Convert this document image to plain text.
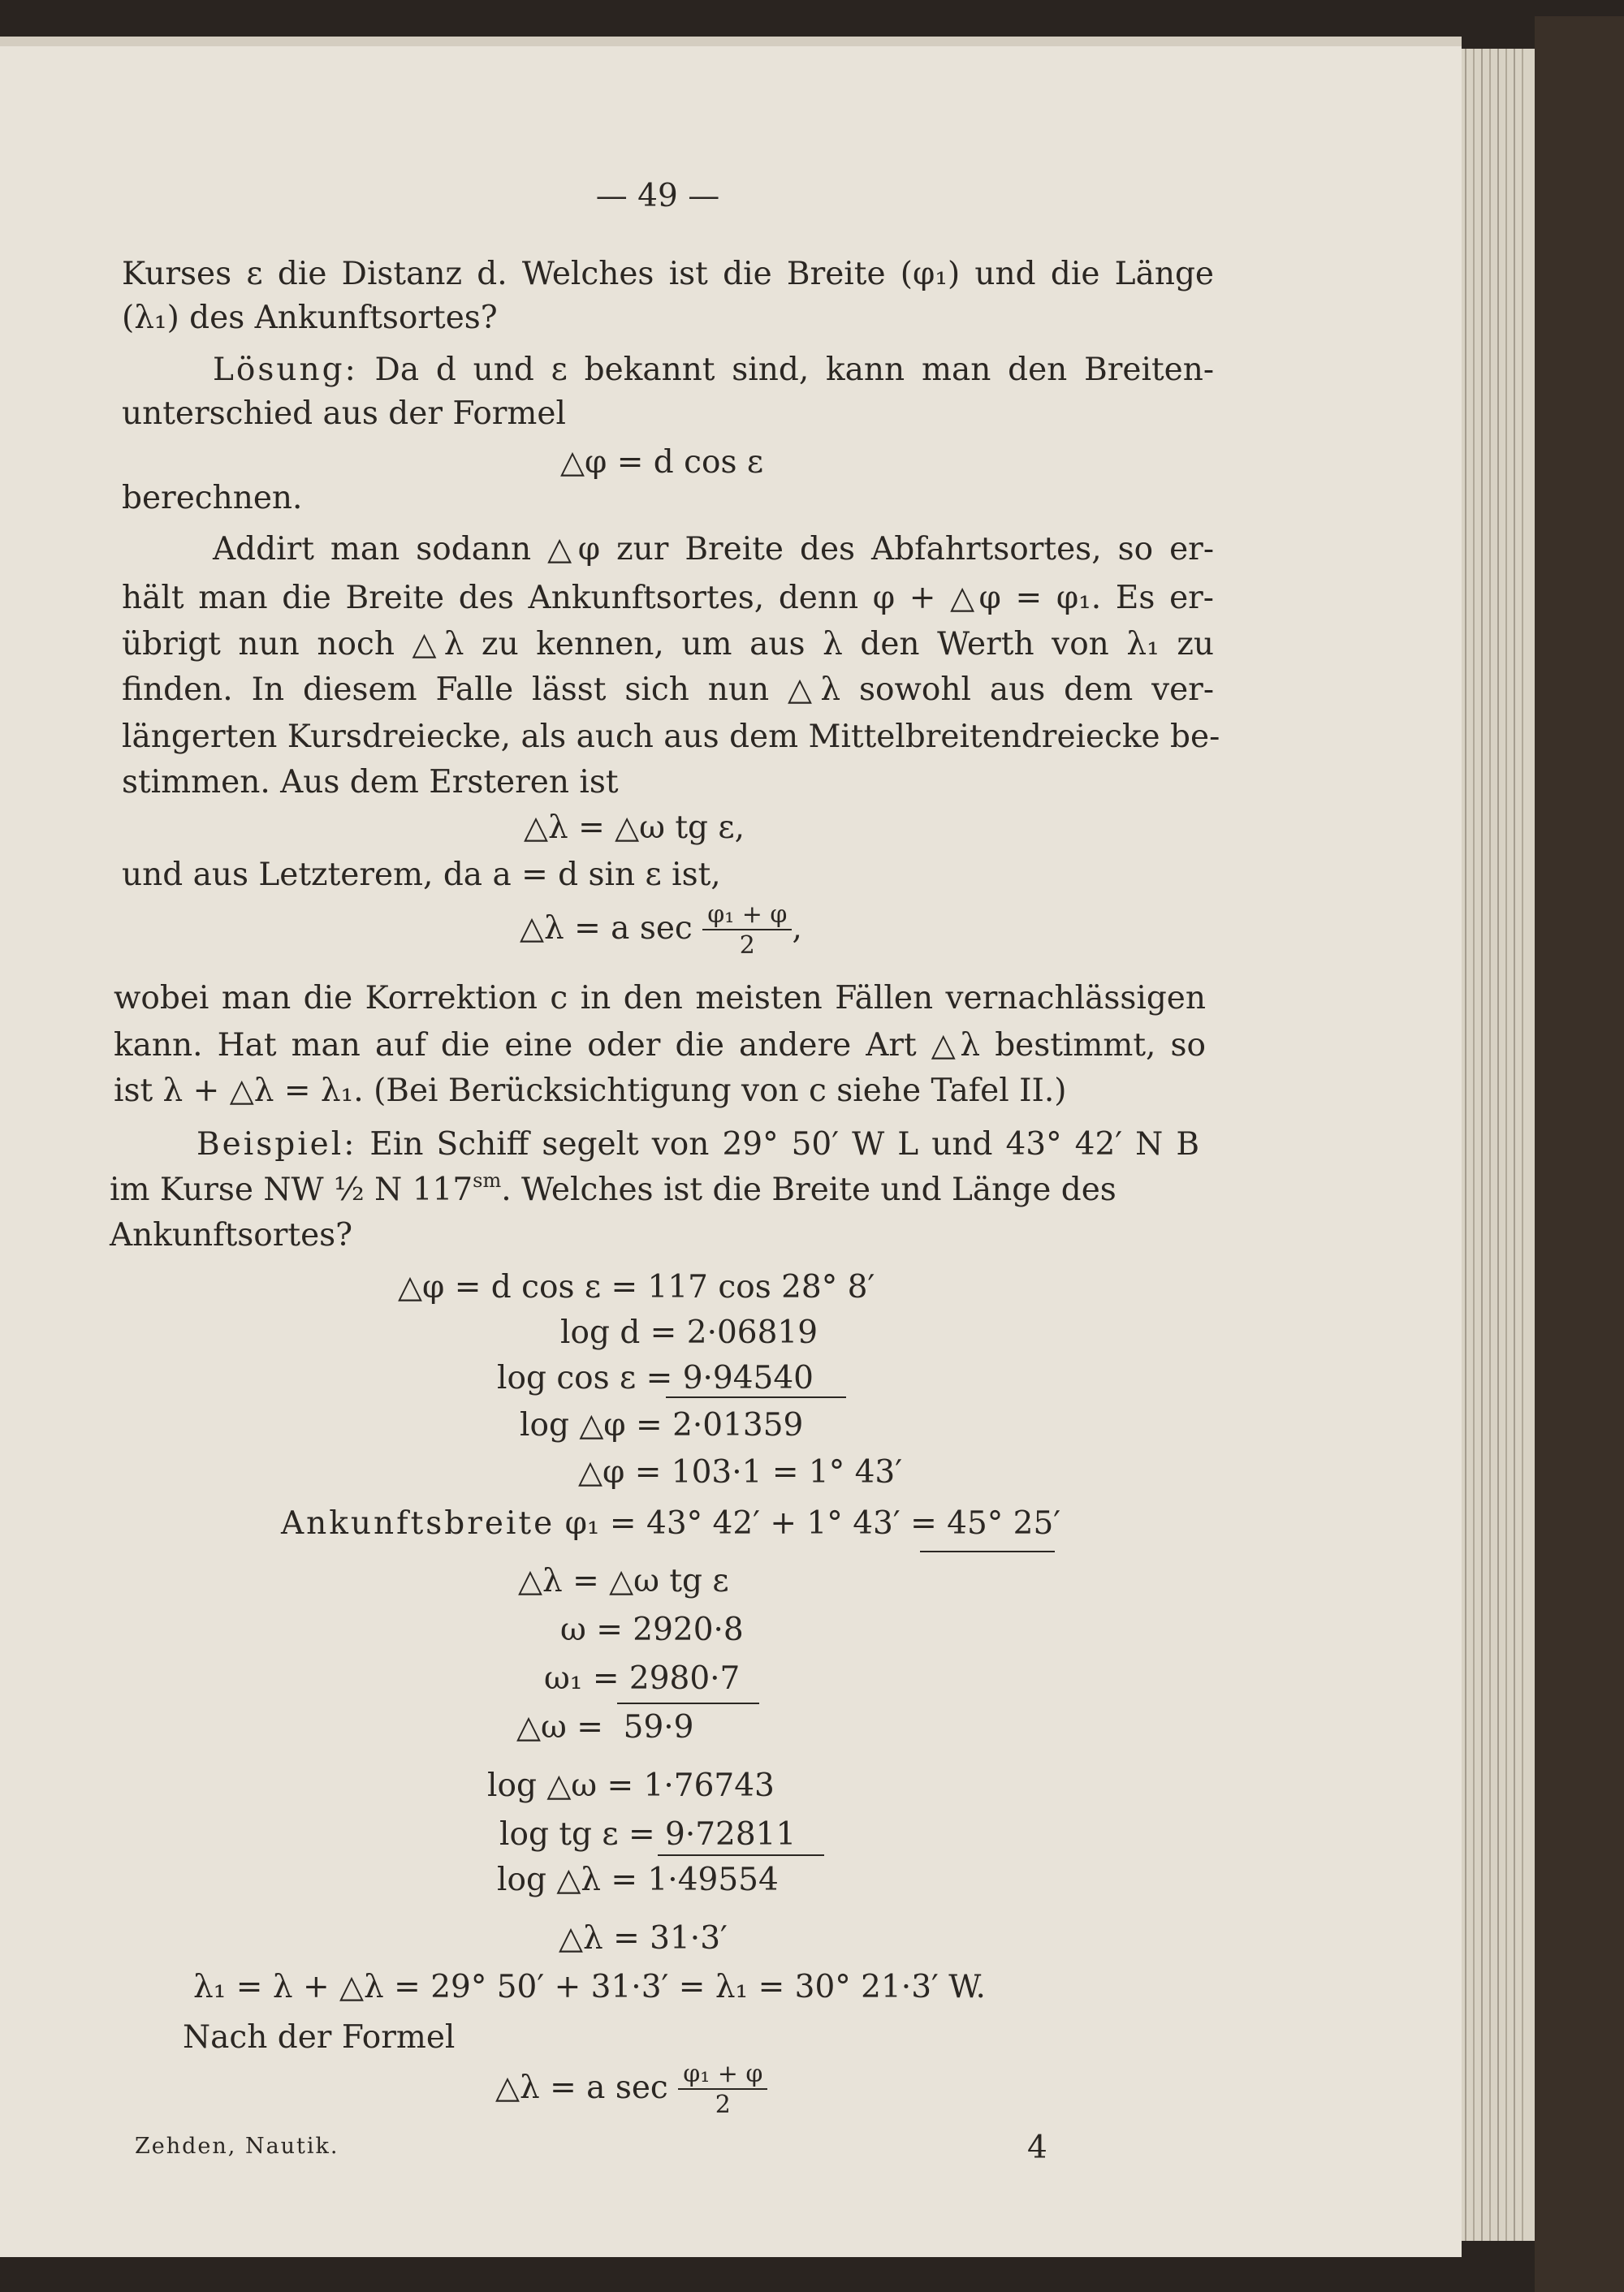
— 49 —
Kurses ε die Distanz d. Welches ist die Breite (φ₁) und die Länge
(λ₁) des Ankunftsortes?
Lösung: Da d und ε bekannt sind, kann man den Breiten-
unterschied aus der Formel
△φ = d cos ε
berechnen.
Addirt man sodann △φ zur Breite des Abfahrtsortes, so er-
hält man die Breite des Ankunftsortes, denn φ + △φ = φ₁. Es er-
übrigt nun noch △λ zu kennen, um aus λ den Werth von λ₁ zu
finden. In diesem Falle lässt sich nun △λ sowohl aus dem ver-
längerten Kursdreiecke, als auch aus dem Mittelbreitendreiecke be-
stimmen. Aus dem Ersteren ist
△λ = △ω tg ε,
und aus Letzterem, da a = d sin ε ist,
△λ = a $\sec \frac{\text{φ₁ + φ}}{2}$ ,
wobei man die Korrektion c in den meisten Fällen vernachlässigen
kann. Hat man auf die eine oder die andere Art △λ bestimmt, so
ist λ + △λ = λ₁. (Bei Berücksichtigung von c siehe Tafel II.)
Beispiel: Ein Schiff segelt von 29° 50′ W L und 43° 42′ N B
im Kurse NW ½ N $117^{sm}$. Welches ist die Breite und Länge des
Ankunftsortes?
△φ = d cos ε = 117 cos 28° 8′
log d = 2·06819
log cos ε = 9·94540
log △φ = 2·01359
△φ = 103·1 = 1° 43′
Ankunftsbreite φ₁ = 43° 42′ + 1° 43′ = 45° 25′
△λ = △ω tg ε
ω = 2920·8
ω₁ = 2980·7
△ω =  59·9
log △ω = 1·76743
log tg ε = 9·72811
log △λ = 1·49554
△λ = 31·3′
λ₁ = λ + △λ = 29° 50′ + 31·3′ = λ₁ = 30° 21·3′ W.
Nach der Formel
△λ = a $\sec \frac{\text{φ₁ + φ}}{2}$
Zehden, Nautik.	4
